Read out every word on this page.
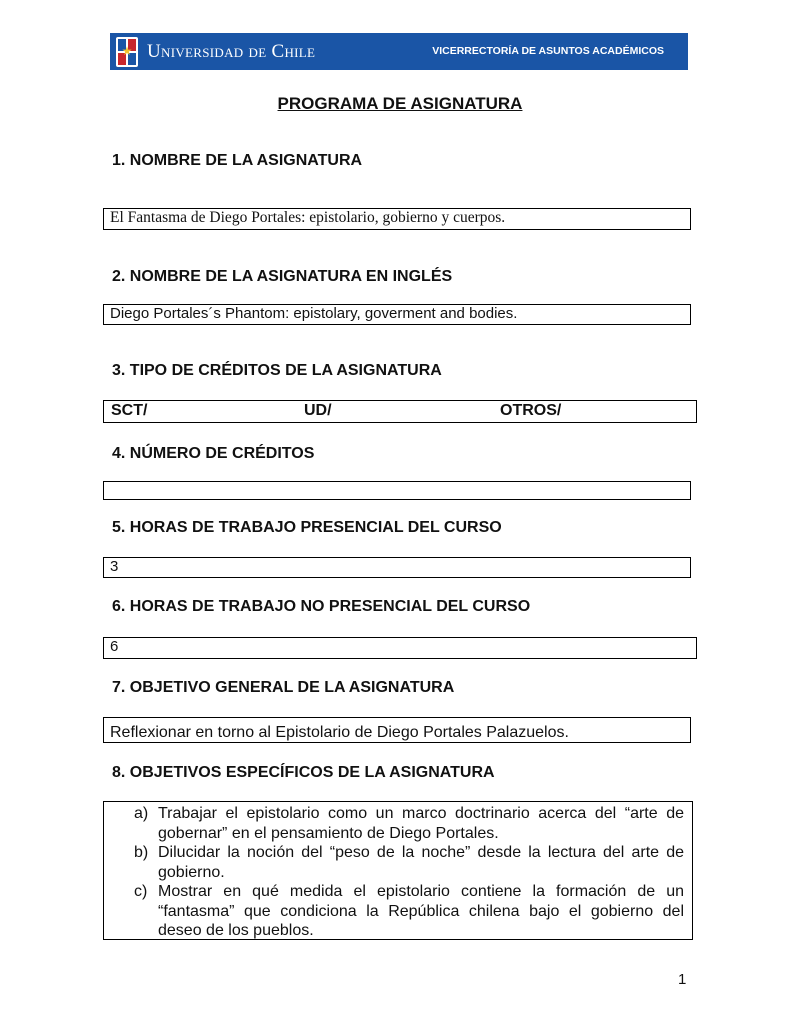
★ Universidad de Chile	VICERRECTORÍA DE ASUNTOS ACADÉMICOS
PROGRAMA DE ASIGNATURA
1. NOMBRE DE LA ASIGNATURA
El Fantasma de Diego Portales: epistolario, gobierno y cuerpos.
2. NOMBRE DE LA ASIGNATURA EN INGLÉS
Diego Portales´s Phantom: epistolary, goverment and bodies.
3. TIPO DE CRÉDITOS DE LA ASIGNATURA
SCT/	UD/	OTROS/
4. NÚMERO DE CRÉDITOS
5. HORAS DE TRABAJO PRESENCIAL DEL CURSO
3
6. HORAS DE TRABAJO NO PRESENCIAL DEL CURSO
6
7. OBJETIVO GENERAL DE LA ASIGNATURA
Reflexionar en torno al Epistolario de Diego Portales Palazuelos.
8. OBJETIVOS ESPECÍFICOS DE LA ASIGNATURA
a) Trabajar el epistolario como un marco doctrinario acerca del “arte de gobernar” en el pensamiento de Diego Portales.
b) Dilucidar la noción del “peso de la noche” desde la lectura del arte de gobierno.
c) Mostrar en qué medida el epistolario contiene la formación de un “fantasma” que condiciona la República chilena bajo el gobierno del deseo de los pueblos.
1
